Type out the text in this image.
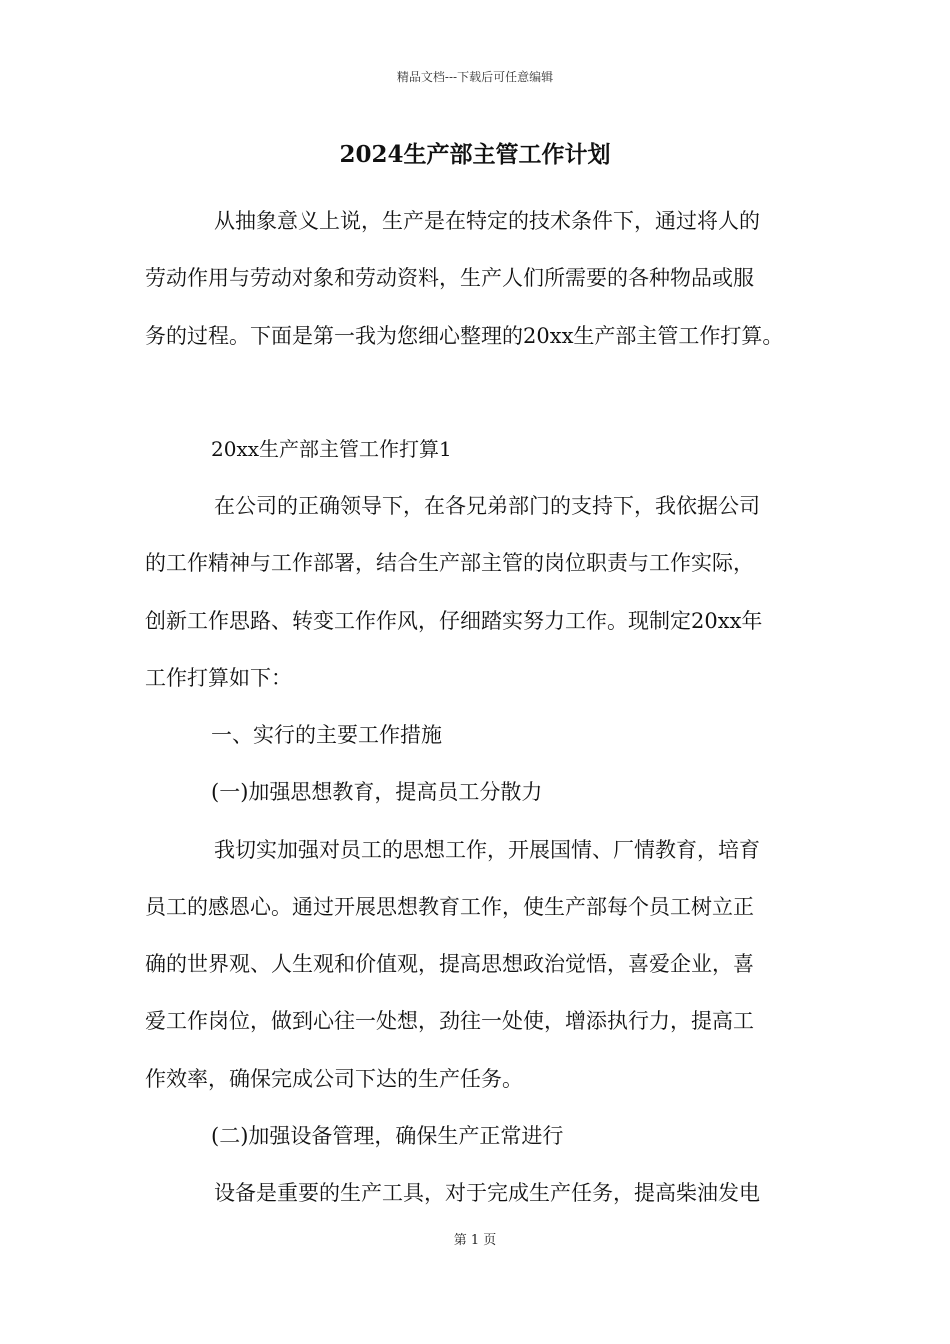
精品文档---下载后可任意编辑
2024生产部主管工作计划
从抽象意义上说，生产是在特定的技术条件下，通过将人的
劳动作用与劳动对象和劳动资料，生产人们所需要的各种物品或服
务的过程。下面是第一我为您细心整理的20xx生产部主管工作打算。
20xx生产部主管工作打算1
在公司的正确领导下，在各兄弟部门的支持下，我依据公司
的工作精神与工作部署，结合生产部主管的岗位职责与工作实际，
创新工作思路、转变工作作风，仔细踏实努力工作。现制定20xx年
工作打算如下：
一、实行的主要工作措施
(一)加强思想教育，提高员工分散力
我切实加强对员工的思想工作，开展国情、厂情教育，培育
员工的感恩心。通过开展思想教育工作，使生产部每个员工树立正
确的世界观、人生观和价值观，提高思想政治觉悟，喜爱企业，喜
爱工作岗位，做到心往一处想，劲往一处使，增添执行力，提高工
作效率，确保完成公司下达的生产任务。
(二)加强设备管理，确保生产正常进行
设备是重要的生产工具，对于完成生产任务，提高柴油发电
第 1 页
